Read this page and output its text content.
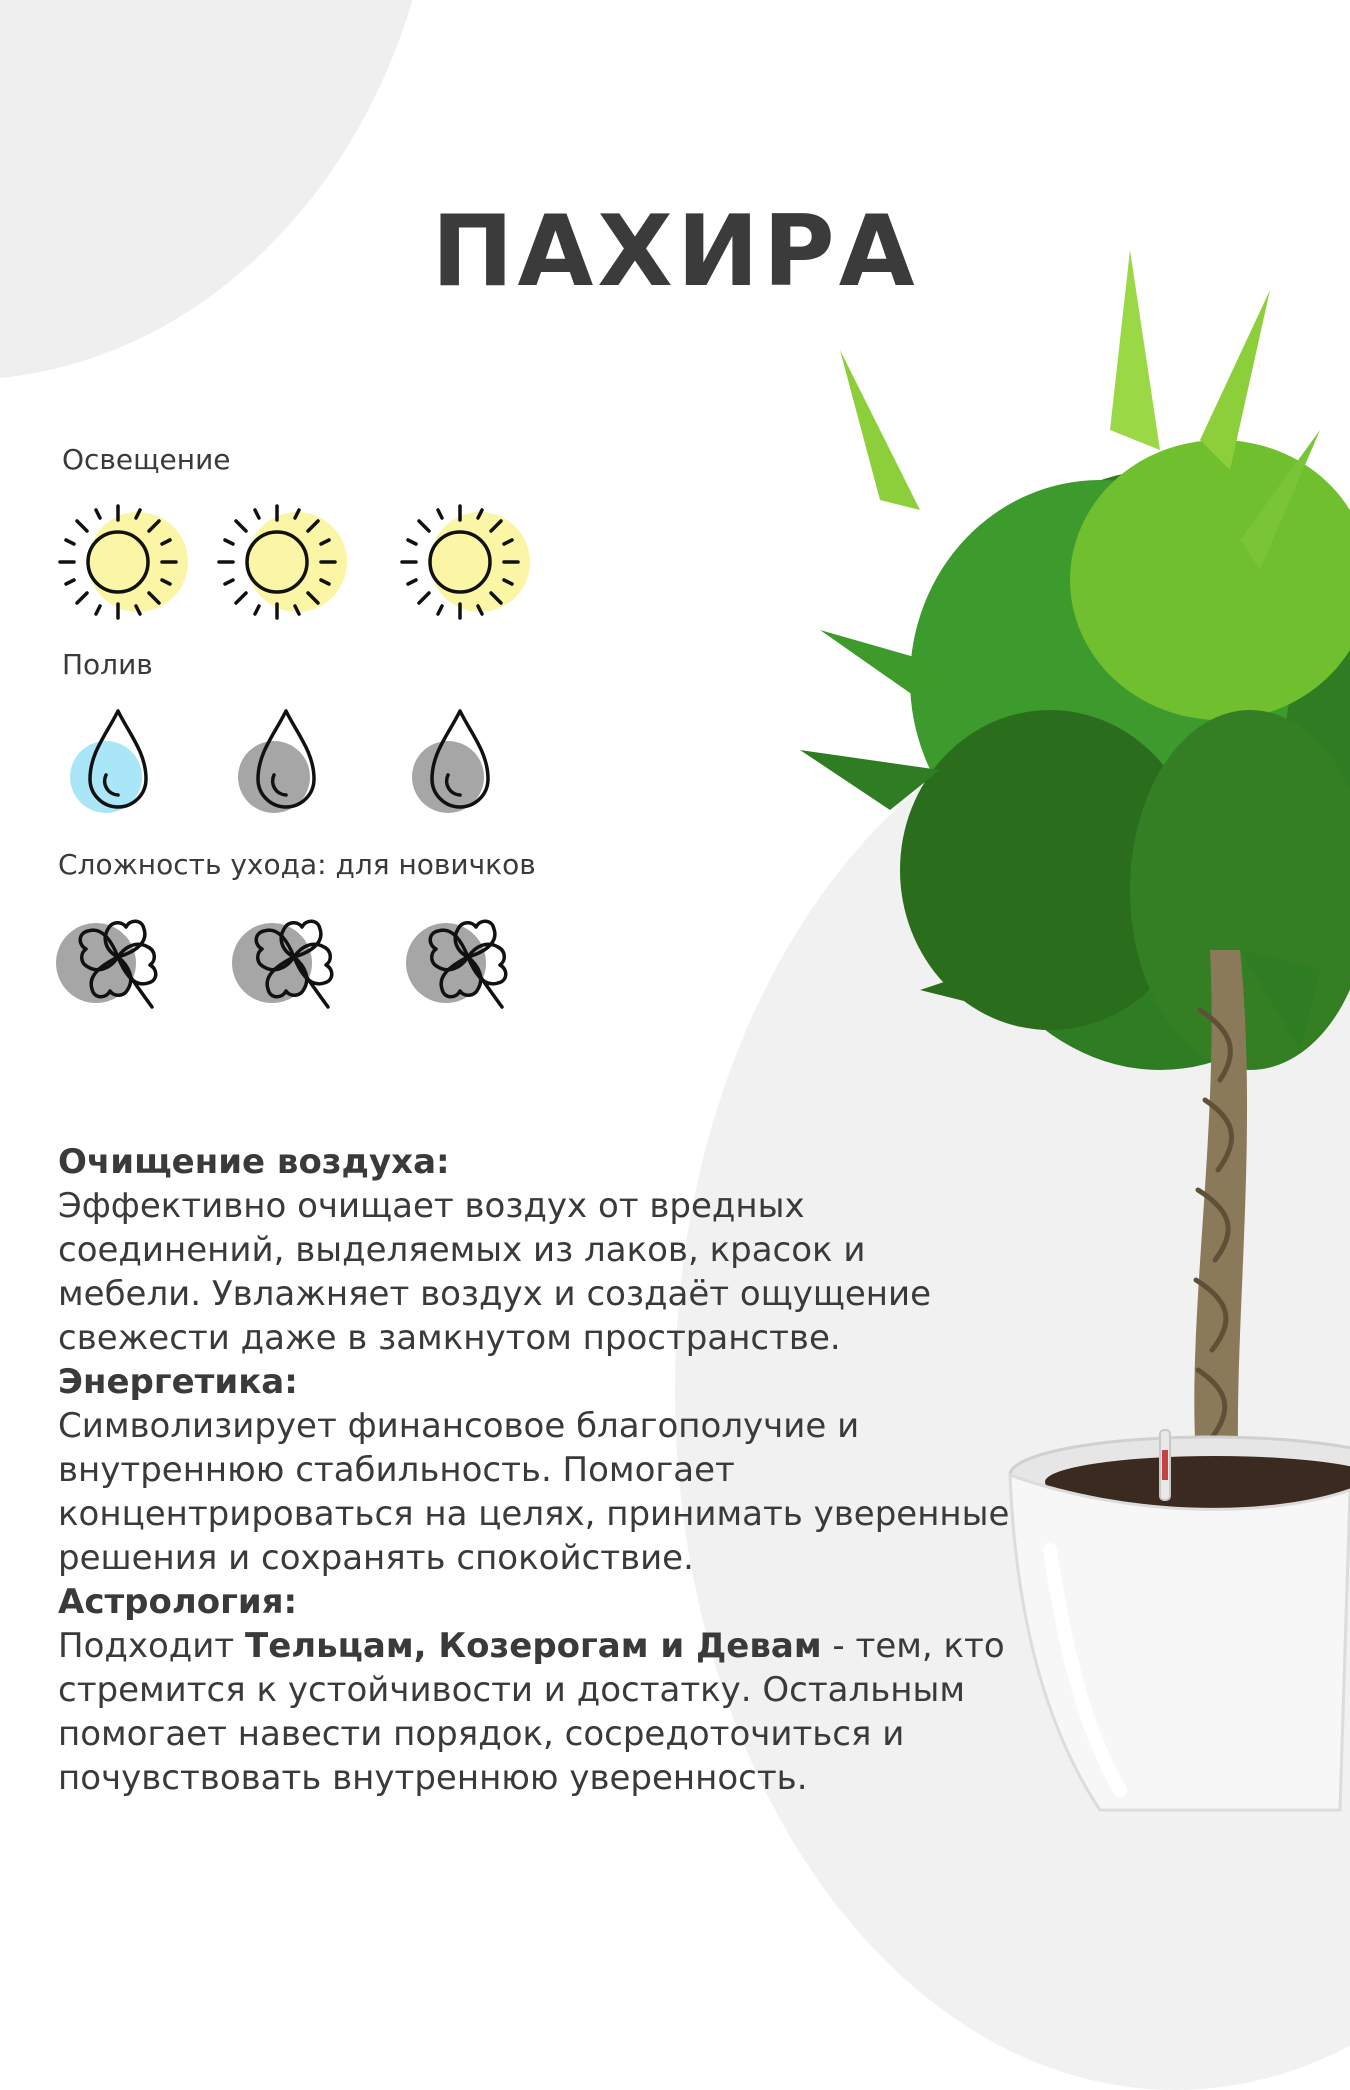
ПАХИРА
Освещение
Полив
Сложность ухода: для новичков

Очищение воздуха:

Эффективно очищает воздух от вредных соединений, выделяемых из лаков, красок и мебели. Увлажняет воздух и создаёт ощущение свежести даже в замкнутом пространстве.

Энергетика:

Символизирует финансовое благополучие и внутреннюю стабильность. Помогает концентрироваться на целях, принимать уверенные решения и сохранять спокойствие.

Астрология:

Подходит Тельцам, Козерогам и Девам - тем, кто стремится к устойчивости и достатку. Остальным помогает навести порядок, сосредоточиться и почувствовать внутреннюю уверенность.
